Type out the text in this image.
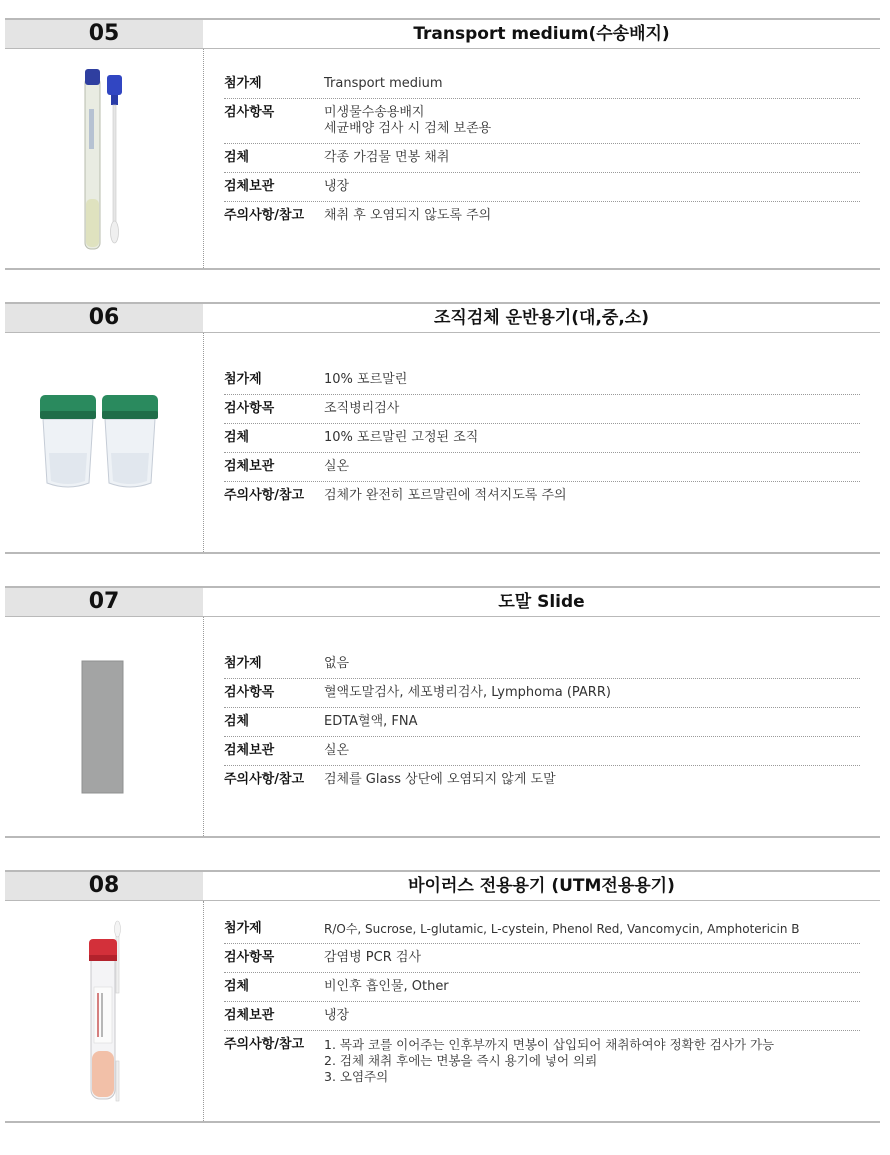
05	Transport medium(수송배지)
첨가제	Transport medium
검사항목	미생물수송용배지
세균배양 검사 시 검체 보존용
검체	각종 가검물 면봉 채취
검체보관	냉장
주의사항/참고	채취 후 오염되지 않도록 주의
06	조직검체 운반용기(대,중,소)
첨가제	10% 포르말린
검사항목	조직병리검사
검체	10% 포르말린 고정된 조직
검체보관	실온
주의사항/참고	검체가 완전히 포르말린에 적셔지도록 주의
07	도말 Slide
첨가제	없음
검사항목	혈액도말검사, 세포병리검사, Lymphoma (PARR)
검체	EDTA혈액, FNA
검체보관	실온
주의사항/참고	검체를 Glass 상단에 오염되지 않게 도말
08	바이러스 전용용기 (UTM전용용기)
첨가제	R/O수, Sucrose, L-glutamic, L-cystein, Phenol Red, Vancomycin, Amphotericin B
검사항목	감염병 PCR 검사
검체	비인후 흡인물, Other
검체보관	냉장
주의사항/참고	1. 목과 코를 이어주는 인후부까지 면봉이 삽입되어 채취하여야 정확한 검사가 가능
2. 검체 채취 후에는 면봉을 즉시 용기에 넣어 의뢰
3. 오염주의
